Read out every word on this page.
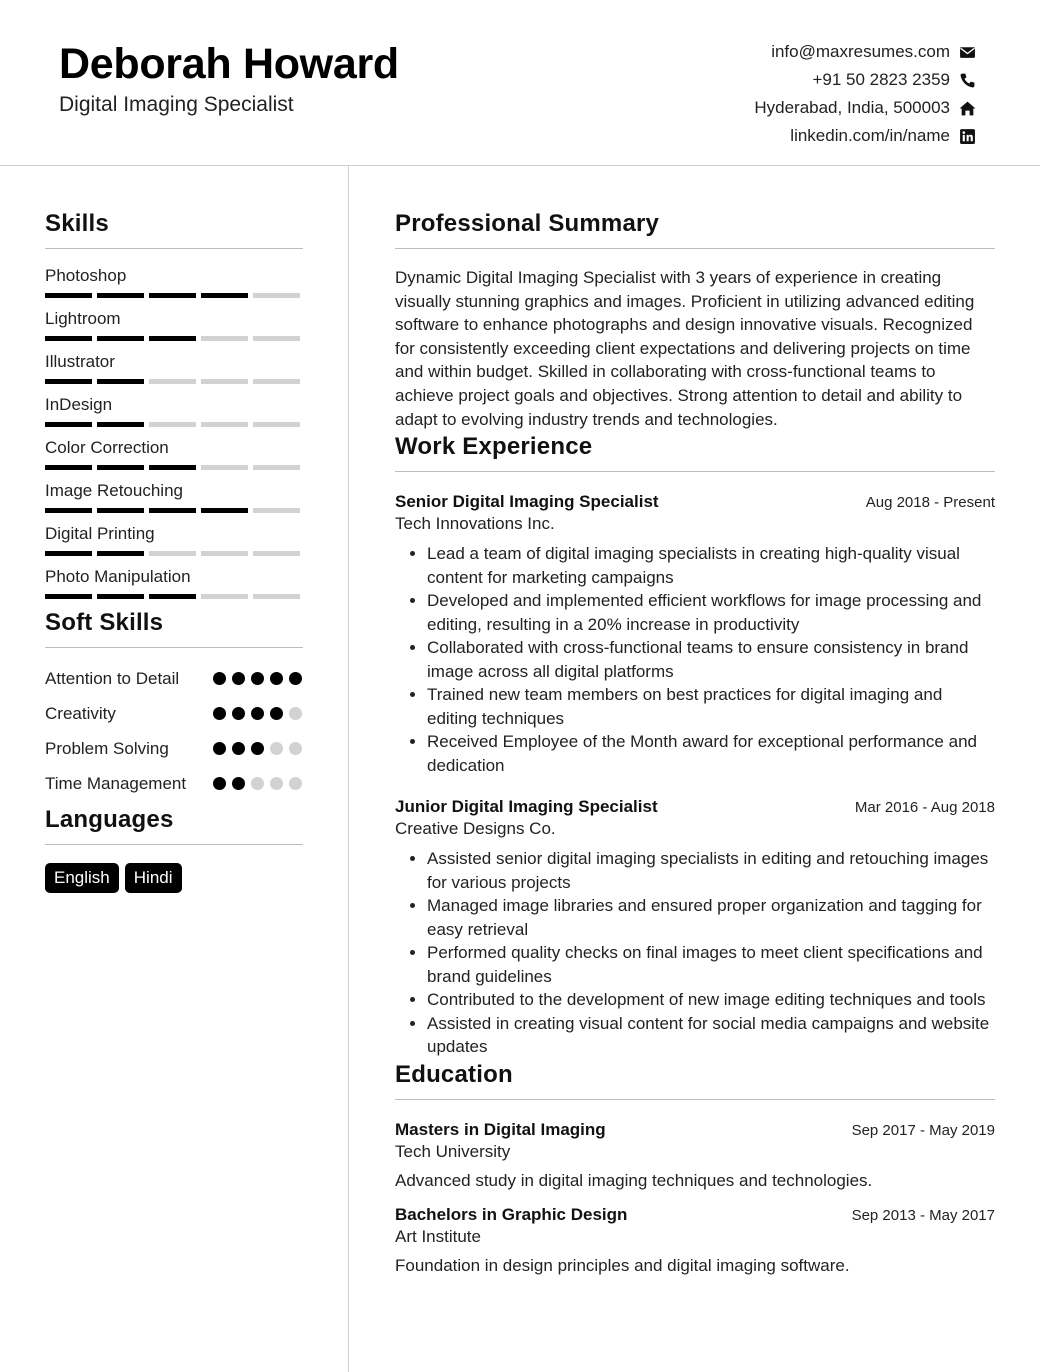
Deborah Howard
Digital Imaging Specialist
info@maxresumes.com
+91 50 2823 2359
Hyderabad, India, 500003
linkedin.com/in/name
Skills
Photoshop
Lightroom
Illustrator
InDesign
Color Correction
Image Retouching
Digital Printing
Photo Manipulation
Soft Skills
Attention to Detail
Creativity
Problem Solving
Time Management
Languages
English	Hindi
Professional Summary
Dynamic Digital Imaging Specialist with 3 years of experience in creating visually stunning graphics and images. Proficient in utilizing advanced editing software to enhance photographs and design innovative visuals. Recognized for consistently exceeding client expectations and delivering projects on time and within budget. Skilled in collaborating with cross-functional teams to achieve project goals and objectives. Strong attention to detail and ability to adapt to evolving industry trends and technologies.
Work Experience
Senior Digital Imaging Specialist	Aug 2018 - Present
Tech Innovations Inc.
• Lead a team of digital imaging specialists in creating high-quality visual content for marketing campaigns
• Developed and implemented efficient workflows for image processing and editing, resulting in a 20% increase in productivity
• Collaborated with cross-functional teams to ensure consistency in brand image across all digital platforms
• Trained new team members on best practices for digital imaging and editing techniques
• Received Employee of the Month award for exceptional performance and dedication
Junior Digital Imaging Specialist	Mar 2016 - Aug 2018
Creative Designs Co.
• Assisted senior digital imaging specialists in editing and retouching images for various projects
• Managed image libraries and ensured proper organization and tagging for easy retrieval
• Performed quality checks on final images to meet client specifications and brand guidelines
• Contributed to the development of new image editing techniques and tools
• Assisted in creating visual content for social media campaigns and website updates
Education
Masters in Digital Imaging	Sep 2017 - May 2019
Tech University
Advanced study in digital imaging techniques and technologies.
Bachelors in Graphic Design	Sep 2013 - May 2017
Art Institute
Foundation in design principles and digital imaging software.
